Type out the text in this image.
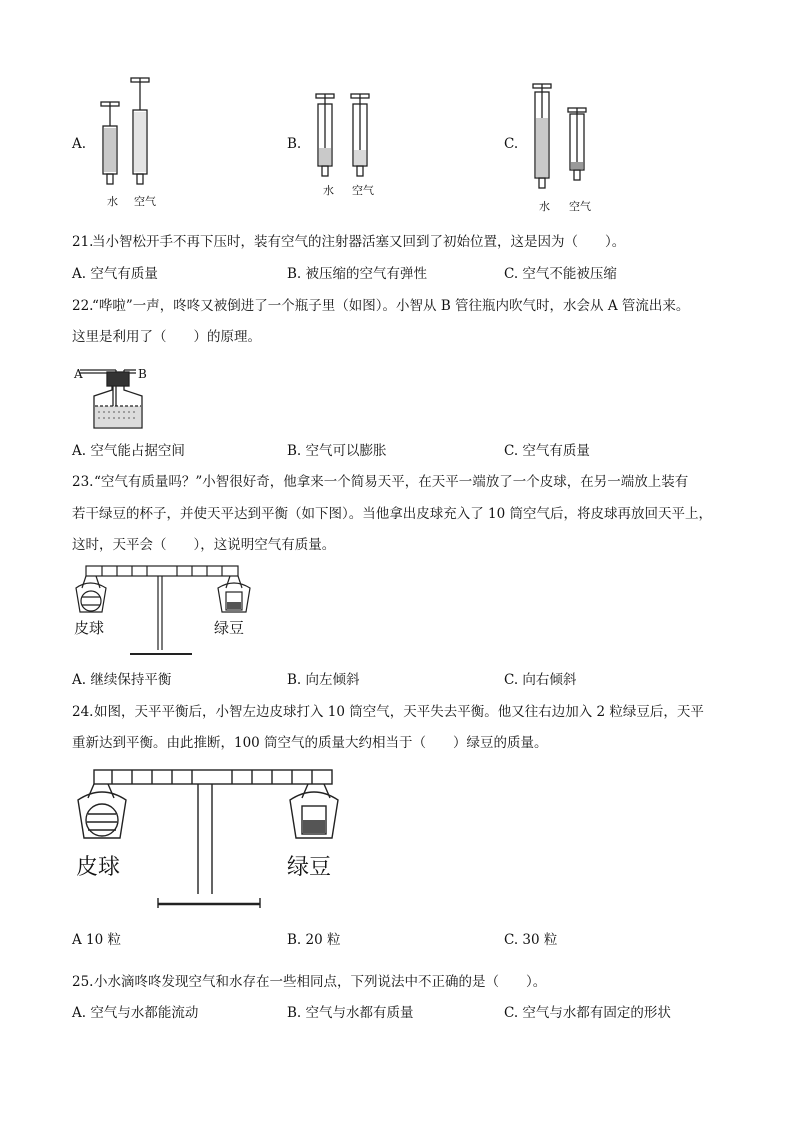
A.	B.	C.
水 空气
水 空气
水 空气
21.
当小智松开手不再下压时，装有空气的注射器活塞又回到了初始位置，这是因为（　　）。
A. 空气有质量	B. 被压缩的空气有弹性	C. 空气不能被压缩
22.
“哗啦”一声，咚咚又被倒进了一个瓶子里（如图）。小智从 B 管往瓶内吹气时，水会从 A 管流出来。
这里是利用了（　　）的原理。
A	B
A. 空气能占据空间	B. 空气可以膨胀	C. 空气有质量
23. “空气有质量吗？”小智很好奇，他拿来一个简易天平，在天平一端放了一个皮球，在另一端放上装有
若干绿豆的杯子，并使天平达到平衡（如下图）。当他拿出皮球充入了 10 筒空气后，将皮球再放回天平上，
这时，天平会（　　），这说明空气有质量。
皮球	绿豆
A. 继续保持平衡	B. 向左倾斜	C. 向右倾斜
24. 如图，天平平衡后，小智左边皮球打入 10 筒空气，天平失去平衡。他又往右边加入 2 粒绿豆后，天平
重新达到平衡。由此推断，100 筒空气的质量大约相当于（　　）绿豆的质量。
皮球	绿豆
A 10 粒	B. 20 粒	C. 30 粒
25. 小水滴咚咚发现空气和水存在一些相同点，下列说法中不正确的是（　　）。
A. 空气与水都能流动	B. 空气与水都有质量	C. 空气与水都有固定的形状
